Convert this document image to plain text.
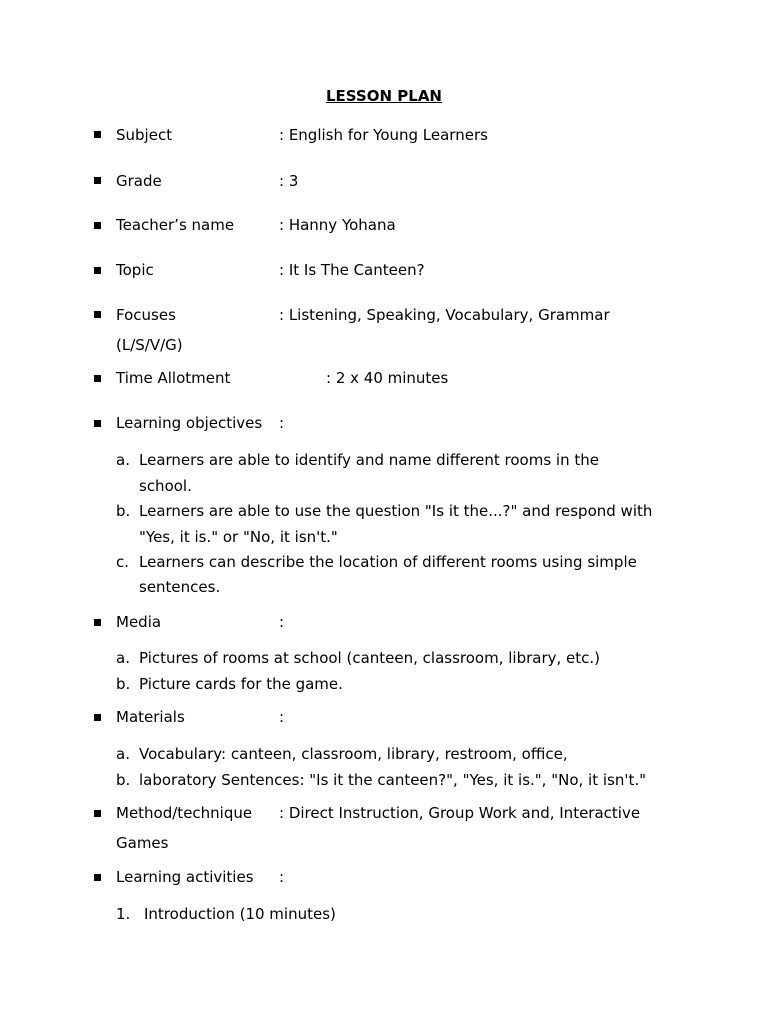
LESSON PLAN
Subject	: English for Young Learners
Grade	: 3
Teacher’s name	: Hanny Yohana
Topic	: It Is The Canteen?
Focuses	: Listening, Speaking, Vocabulary, Grammar
(L/S/V/G)
Time Allotment	: 2 x 40 minutes
Learning objectives :
a. Learners are able to identify and name different rooms in the
school.
b. Learners are able to use the question "Is it the...?" and respond with
"Yes, it is." or "No, it isn't."
c. Learners can describe the location of different rooms using simple
sentences.
Media	:
a. Pictures of rooms at school (canteen, classroom, library, etc.)
b. Picture cards for the game.
Materials	:
a. Vocabulary: canteen, classroom, library, restroom, office,
b. laboratory Sentences: "Is it the canteen?", "Yes, it is.", "No, it isn't."
Method/technique : Direct Instruction, Group Work and, Interactive
Games
Learning activities :
1. Introduction (10 minutes)
